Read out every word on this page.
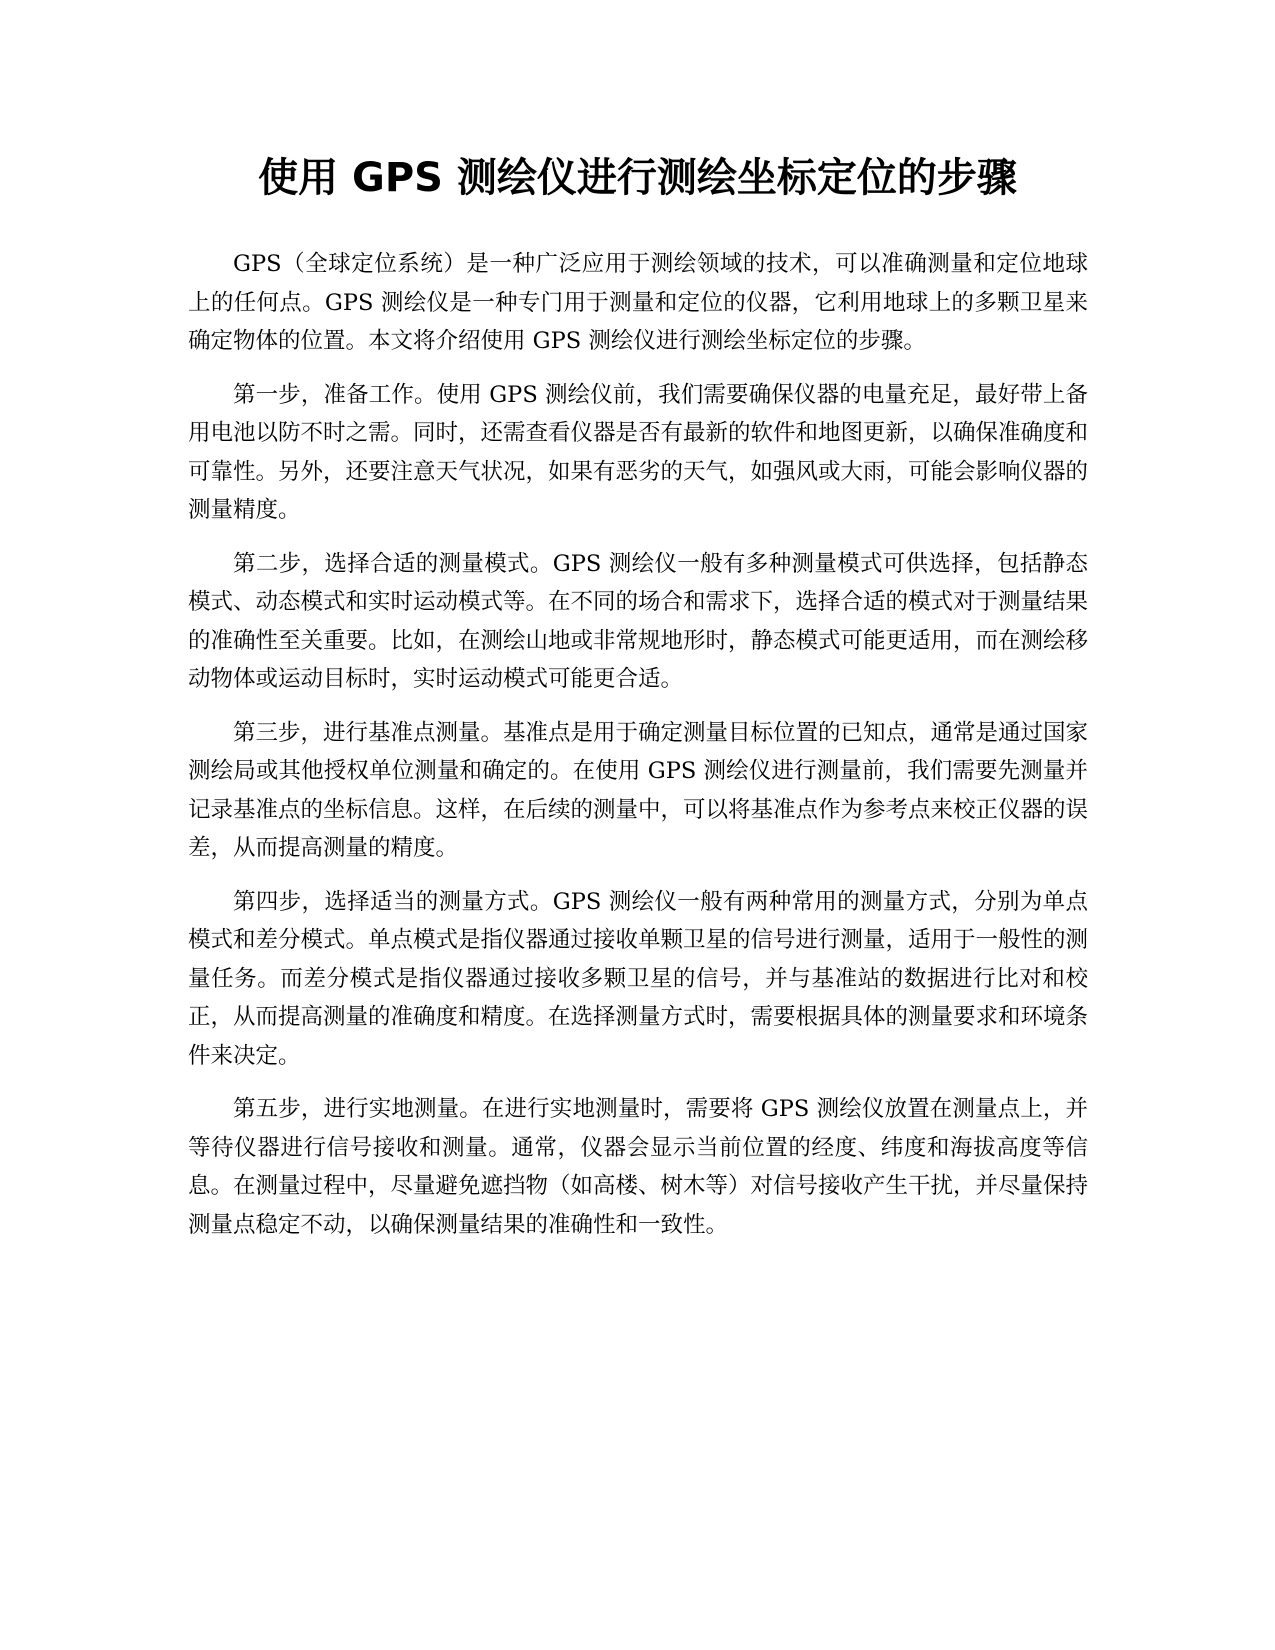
使用 GPS 测绘仪进行测绘坐标定位的步骤

GPS（全球定位系统）是一种广泛应用于测绘领域的技术，可以准确测量和定位地球上的任何点。GPS 测绘仪是一种专门用于测量和定位的仪器，它利用地球上的多颗卫星来确定物体的位置。本文将介绍使用 GPS 测绘仪进行测绘坐标定位的步骤。

第一步，准备工作。使用 GPS 测绘仪前，我们需要确保仪器的电量充足，最好带上备用电池以防不时之需。同时，还需查看仪器是否有最新的软件和地图更新，以确保准确度和可靠性。另外，还要注意天气状况，如果有恶劣的天气，如强风或大雨，可能会影响仪器的测量精度。

第二步，选择合适的测量模式。GPS 测绘仪一般有多种测量模式可供选择，包括静态模式、动态模式和实时运动模式等。在不同的场合和需求下，选择合适的模式对于测量结果的准确性至关重要。比如，在测绘山地或非常规地形时，静态模式可能更适用，而在测绘移动物体或运动目标时，实时运动模式可能更合适。

第三步，进行基准点测量。基准点是用于确定测量目标位置的已知点，通常是通过国家测绘局或其他授权单位测量和确定的。在使用 GPS 测绘仪进行测量前，我们需要先测量并记录基准点的坐标信息。这样，在后续的测量中，可以将基准点作为参考点来校正仪器的误差，从而提高测量的精度。

第四步，选择适当的测量方式。GPS 测绘仪一般有两种常用的测量方式，分别为单点模式和差分模式。单点模式是指仪器通过接收单颗卫星的信号进行测量，适用于一般性的测量任务。而差分模式是指仪器通过接收多颗卫星的信号，并与基准站的数据进行比对和校正，从而提高测量的准确度和精度。在选择测量方式时，需要根据具体的测量要求和环境条件来决定。

第五步，进行实地测量。在进行实地测量时，需要将 GPS 测绘仪放置在测量点上，并等待仪器进行信号接收和测量。通常，仪器会显示当前位置的经度、纬度和海拔高度等信息。在测量过程中，尽量避免遮挡物（如高楼、树木等）对信号接收产生干扰，并尽量保持测量点稳定不动，以确保测量结果的准确性和一致性。
